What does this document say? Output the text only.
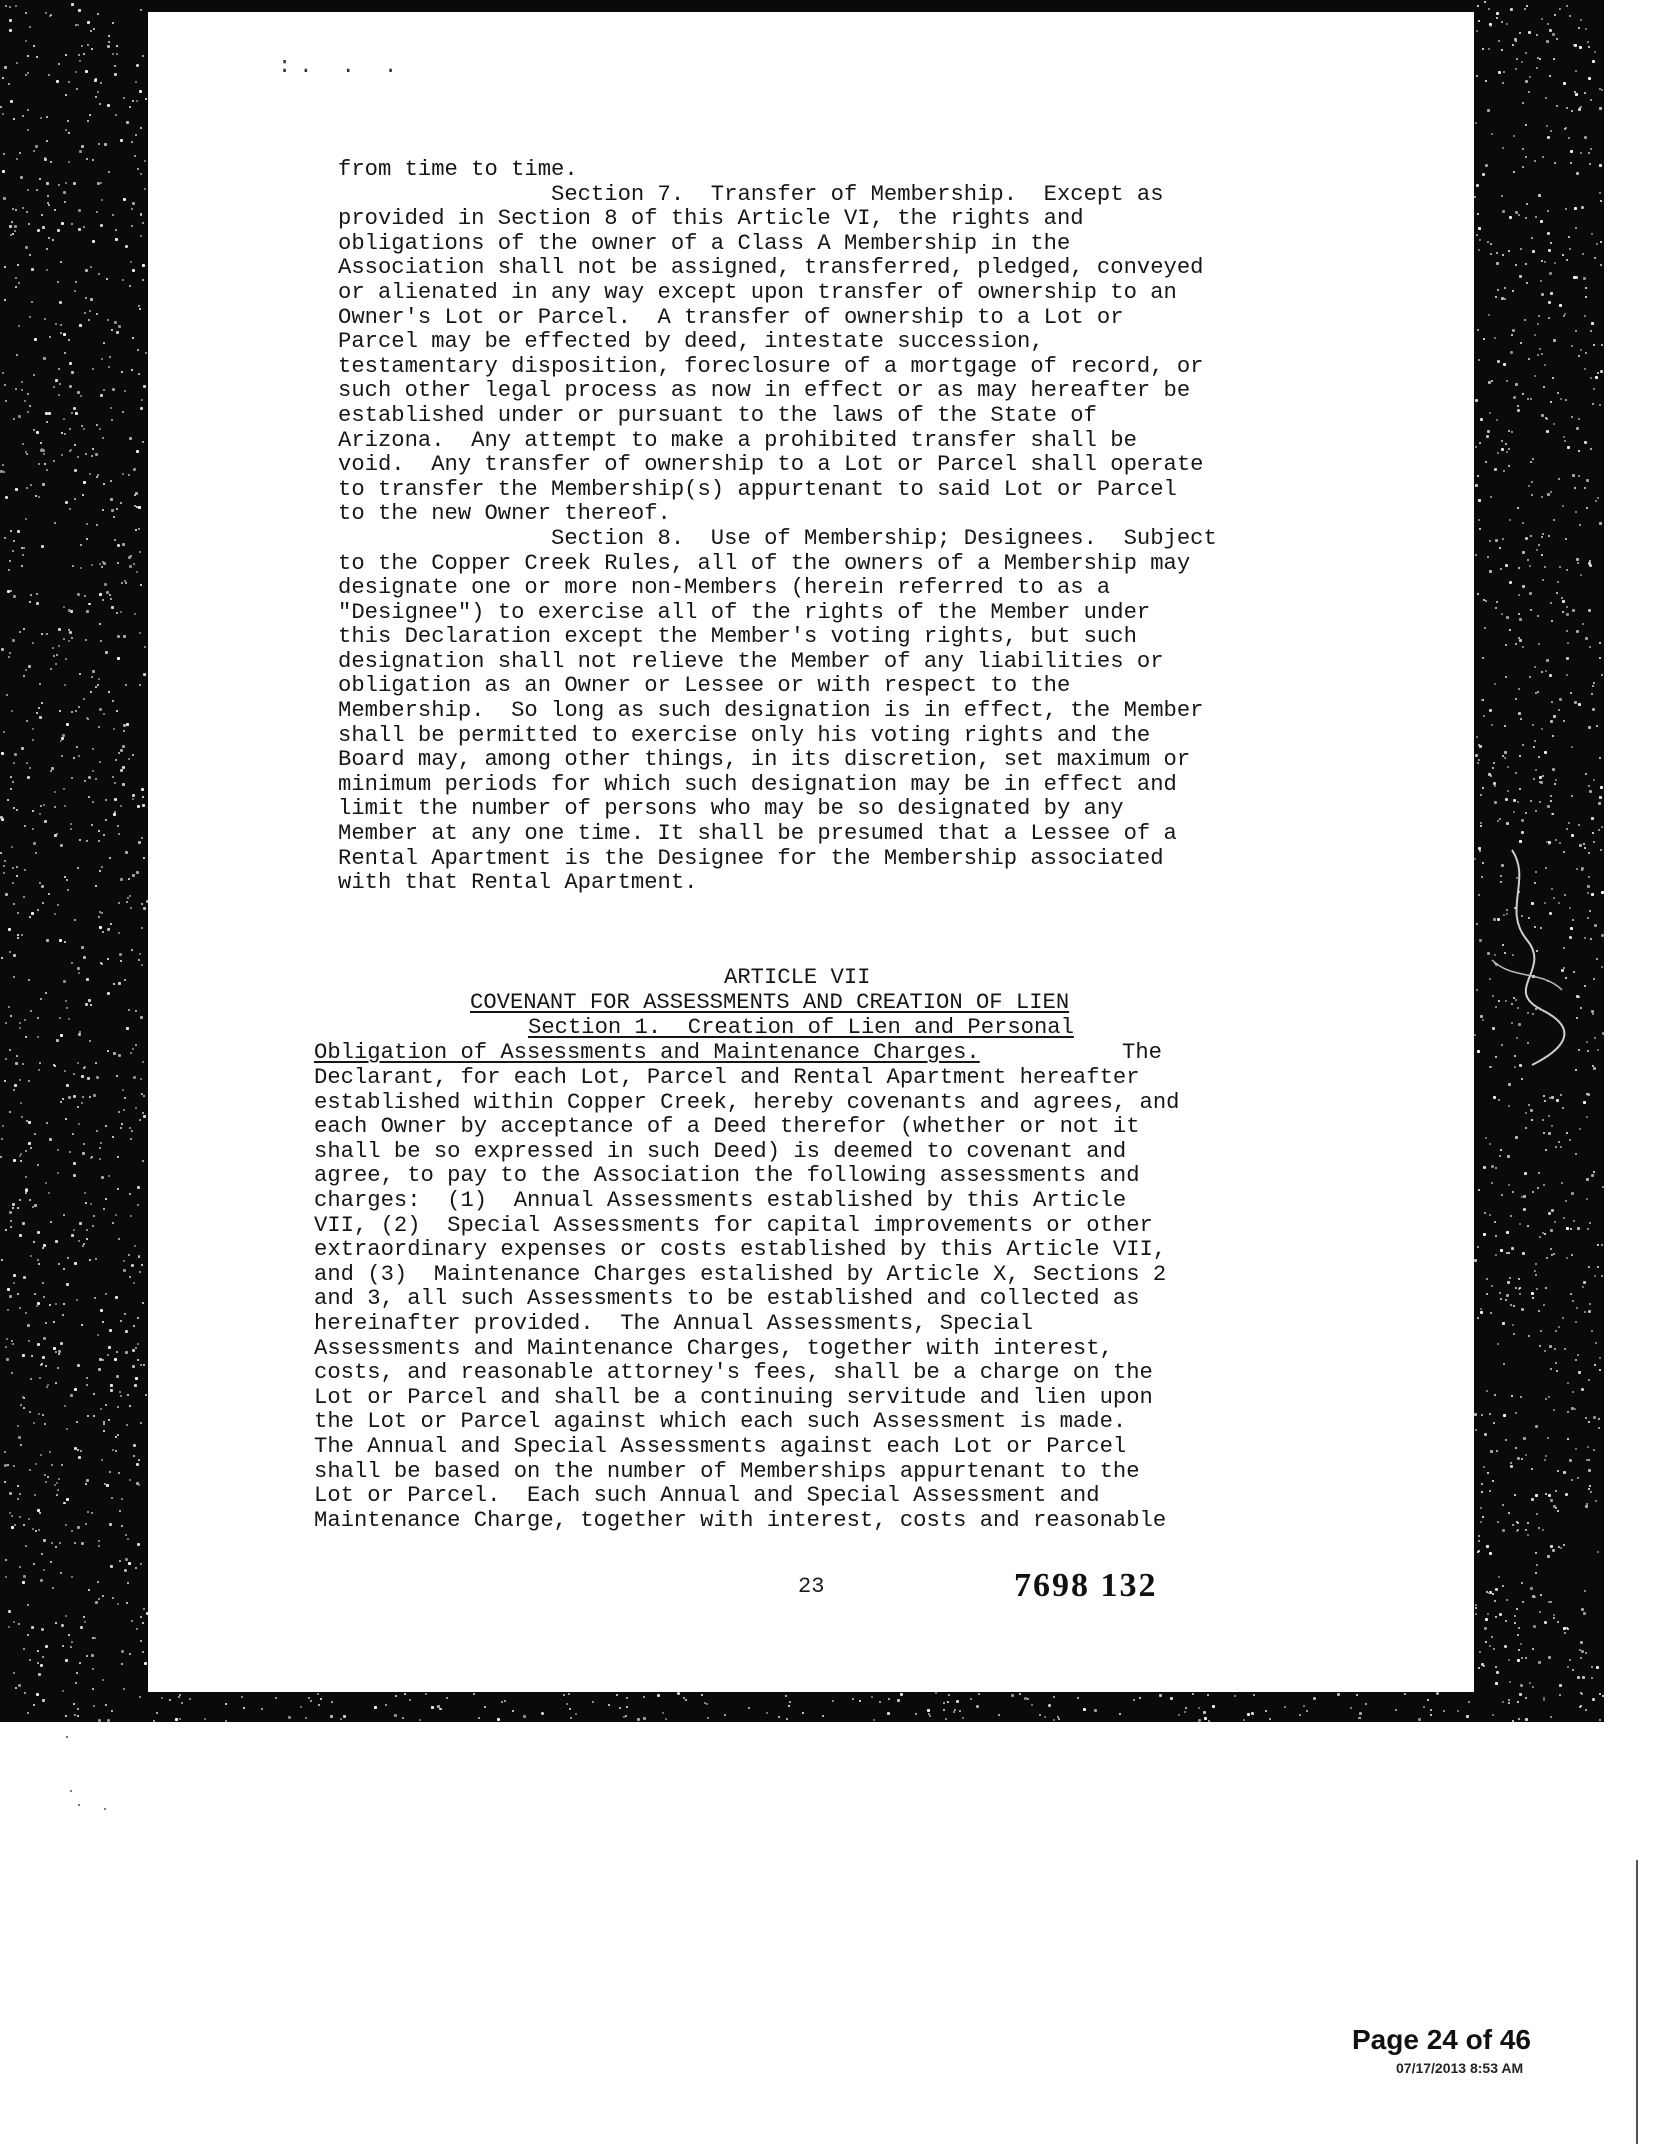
:. . .
from time to time.
Section 7.  Transfer of Membership.  Except as
provided in Section 8 of this Article VI, the rights and
obligations of the owner of a Class A Membership in the
Association shall not be assigned, transferred, pledged, conveyed
or alienated in any way except upon transfer of ownership to an
Owner's Lot or Parcel.  A transfer of ownership to a Lot or
Parcel may be effected by deed, intestate succession,
testamentary disposition, foreclosure of a mortgage of record, or
such other legal process as now in effect or as may hereafter be
established under or pursuant to the laws of the State of
Arizona.  Any attempt to make a prohibited transfer shall be
void.  Any transfer of ownership to a Lot or Parcel shall operate
to transfer the Membership(s) appurtenant to said Lot or Parcel
to the new Owner thereof.
Section 8.  Use of Membership; Designees.  Subject
to the Copper Creek Rules, all of the owners of a Membership may
designate one or more non-Members (herein referred to as a
"Designee") to exercise all of the rights of the Member under
this Declaration except the Member's voting rights, but such
designation shall not relieve the Member of any liabilities or
obligation as an Owner or Lessee or with respect to the
Membership.  So long as such designation is in effect, the Member
shall be permitted to exercise only his voting rights and the
Board may, among other things, in its discretion, set maximum or
minimum periods for which such designation may be in effect and
limit the number of persons who may be so designated by any
Member at any one time. It shall be presumed that a Lessee of a
Rental Apartment is the Designee for the Membership associated
with that Rental Apartment.
ARTICLE VII
COVENANT FOR ASSESSMENTS AND CREATION OF LIEN
Section 1.  Creation of Lien and Personal
Obligation of Assessments and Maintenance Charges.	The
Declarant, for each Lot, Parcel and Rental Apartment hereafter
established within Copper Creek, hereby covenants and agrees, and
each Owner by acceptance of a Deed therefor (whether or not it
shall be so expressed in such Deed) is deemed to covenant and
agree, to pay to the Association the following assessments and
charges:  (1)  Annual Assessments established by this Article
VII, (2)  Special Assessments for capital improvements or other
extraordinary expenses or costs established by this Article VII,
and (3)  Maintenance Charges estalished by Article X, Sections 2
and 3, all such Assessments to be established and collected as
hereinafter provided.  The Annual Assessments, Special
Assessments and Maintenance Charges, together with interest,
costs, and reasonable attorney's fees, shall be a charge on the
Lot or Parcel and shall be a continuing servitude and lien upon
the Lot or Parcel against which each such Assessment is made.
The Annual and Special Assessments against each Lot or Parcel
shall be based on the number of Memberships appurtenant to the
Lot or Parcel.  Each such Annual and Special Assessment and
Maintenance Charge, together with interest, costs and reasonable
23	7698 132
Page 24 of 46
07/17/2013 8:53 AM
